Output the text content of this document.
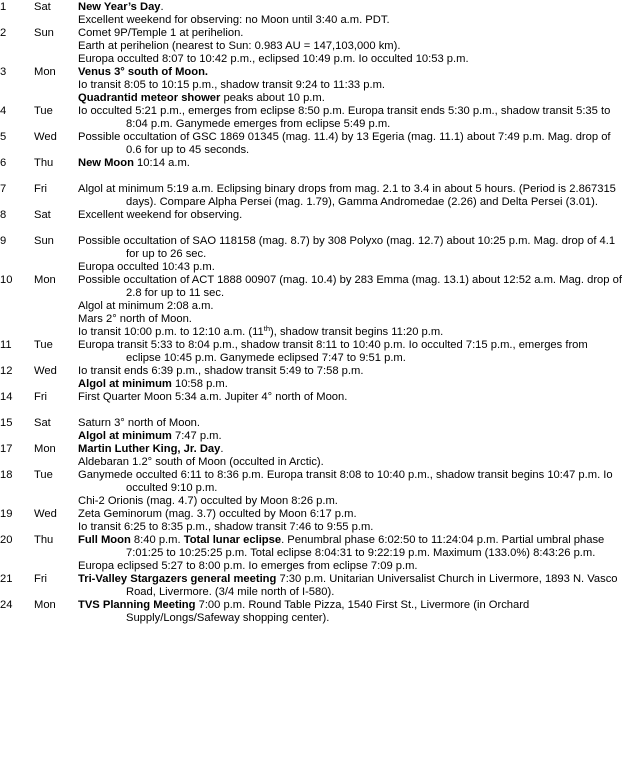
1	Sat	New Year’s Day.
Excellent weekend for observing: no Moon until 3:40 a.m. PDT.
2	Sun	Comet 9P/Temple 1 at perihelion.
Earth at perihelion (nearest to Sun: 0.983 AU = 147,103,000 km).
Europa occulted 8:07 to 10:42 p.m., eclipsed 10:49 p.m. Io occulted 10:53 p.m.
3	Mon	Venus 3° south of Moon.
Io transit 8:05 to 10:15 p.m., shadow transit 9:24 to 11:33 p.m.
Quadrantid meteor shower peaks about 10 p.m.
4	Tue	Io occulted 5:21 p.m., emerges from eclipse 8:50 p.m. Europa transit ends 5:30 p.m., shadow transit 5:35 to 8:04 p.m. Ganymede emerges from eclipse 5:49 p.m.
5	Wed	Possible occultation of GSC 1869 01345 (mag. 11.4) by 13 Egeria (mag. 11.1) about 7:49 p.m. Mag. drop of 0.6 for up to 45 seconds.
6	Thu	New Moon 10:14 a.m.
7	Fri	Algol at minimum 5:19 a.m. Eclipsing binary drops from mag. 2.1 to 3.4 in about 5 hours. (Period is 2.867315 days). Compare Alpha Persei (mag. 1.79), Gamma Andromedae (2.26) and Delta Persei (3.01).
8	Sat	Excellent weekend for observing.
9	Sun	Possible occultation of SAO 118158 (mag. 8.7) by 308 Polyxo (mag. 12.7) about 10:25 p.m. Mag. drop of 4.1 for up to 26 sec.
Europa occulted 10:43 p.m.
10	Mon	Possible occultation of ACT 1888 00907 (mag. 10.4) by 283 Emma (mag. 13.1) about 12:52 a.m. Mag. drop of 2.8 for up to 11 sec.
Algol at minimum 2:08 a.m.
Mars 2° north of Moon.
Io transit 10:00 p.m. to 12:10 a.m. (11th), shadow transit begins 11:20 p.m.
11	Tue	Europa transit 5:33 to 8:04 p.m., shadow transit 8:11 to 10:40 p.m. Io occulted 7:15 p.m., emerges from eclipse 10:45 p.m. Ganymede eclipsed 7:47 to 9:51 p.m.
12	Wed	Io transit ends 6:39 p.m., shadow transit 5:49 to 7:58 p.m.
Algol at minimum 10:58 p.m.
14	Fri	First Quarter Moon 5:34 a.m. Jupiter 4° north of Moon.
15	Sat	Saturn 3° north of Moon.
Algol at minimum 7:47 p.m.
17	Mon	Martin Luther King, Jr. Day.
Aldebaran 1.2° south of Moon (occulted in Arctic).
18	Tue	Ganymede occulted 6:11 to 8:36 p.m. Europa transit 8:08 to 10:40 p.m., shadow transit begins 10:47 p.m. Io occulted 9:10 p.m.
Chi-2 Orionis (mag. 4.7) occulted by Moon 8:26 p.m.
19	Wed	Zeta Geminorum (mag. 3.7) occulted by Moon 6:17 p.m.
Io transit 6:25 to 8:35 p.m., shadow transit 7:46 to 9:55 p.m.
20	Thu	Full Moon 8:40 p.m. Total lunar eclipse. Penumbral phase 6:02:50 to 11:24:04 p.m. Partial umbral phase 7:01:25 to 10:25:25 p.m. Total eclipse 8:04:31 to 9:22:19 p.m. Maximum (133.0%) 8:43:26 p.m.
Europa eclipsed 5:27 to 8:00 p.m. Io emerges from eclipse 7:09 p.m.
21	Fri	Tri-Valley Stargazers general meeting 7:30 p.m. Unitarian Universalist Church in Livermore, 1893 N. Vasco Road, Livermore. (3/4 mile north of I-580).
24	Mon	TVS Planning Meeting 7:00 p.m. Round Table Pizza, 1540 First St., Livermore (in Orchard Supply/Longs/Safeway shopping center).
